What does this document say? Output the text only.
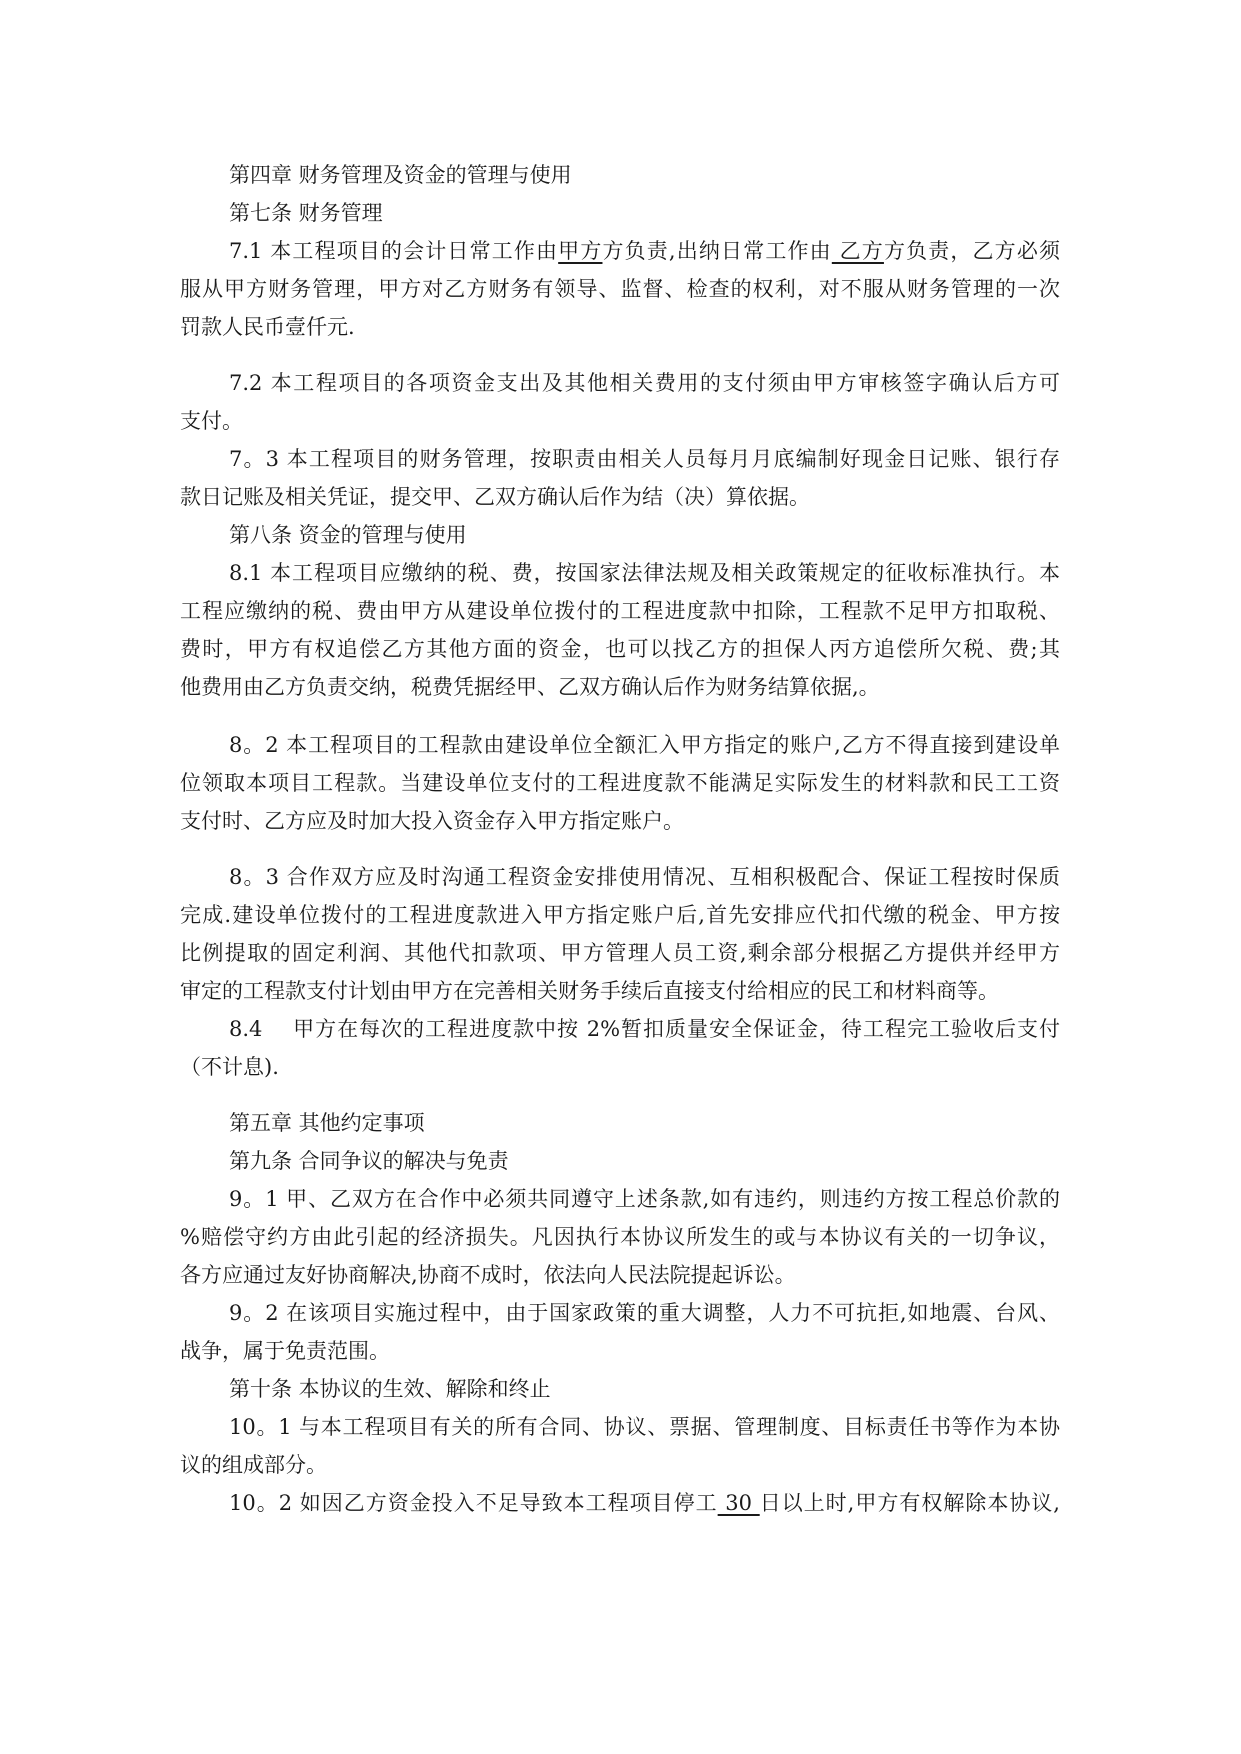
第四章 财务管理及资金的管理与使用
第七条 财务管理
7.1 本工程项目的会计日常工作由甲方方负责,出纳日常工作由 乙方方负责，乙方必须
服从甲方财务管理，甲方对乙方财务有领导、监督、检查的权利，对不服从财务管理的一次
罚款人民币壹仟元.
7.2 本工程项目的各项资金支出及其他相关费用的支付须由甲方审核签字确认后方可
支付。
7。3 本工程项目的财务管理，按职责由相关人员每月月底编制好现金日记账、银行存
款日记账及相关凭证，提交甲、乙双方确认后作为结（决）算依据。
第八条 资金的管理与使用
8.1 本工程项目应缴纳的税、费，按国家法律法规及相关政策规定的征收标准执行。本
工程应缴纳的税、费由甲方从建设单位拨付的工程进度款中扣除，工程款不足甲方扣取税、
费时，甲方有权追偿乙方其他方面的资金，也可以找乙方的担保人丙方追偿所欠税、费;其
他费用由乙方负责交纳，税费凭据经甲、乙双方确认后作为财务结算依据,。
8。2 本工程项目的工程款由建设单位全额汇入甲方指定的账户,乙方不得直接到建设单
位领取本项目工程款。当建设单位支付的工程进度款不能满足实际发生的材料款和民工工资
支付时、乙方应及时加大投入资金存入甲方指定账户。
8。3 合作双方应及时沟通工程资金安排使用情况、互相积极配合、保证工程按时保质
完成.建设单位拨付的工程进度款进入甲方指定账户后,首先安排应代扣代缴的税金、甲方按
比例提取的固定利润、其他代扣款项、甲方管理人员工资,剩余部分根据乙方提供并经甲方
审定的工程款支付计划由甲方在完善相关财务手续后直接支付给相应的民工和材料商等。
8.4　 甲方在每次的工程进度款中按 2%暂扣质量安全保证金，待工程完工验收后支付
（不计息).
第五章 其他约定事项
第九条 合同争议的解决与免责
9。1 甲、乙双方在合作中必须共同遵守上述条款,如有违约，则违约方按工程总价款的
%赔偿守约方由此引起的经济损失。凡因执行本协议所发生的或与本协议有关的一切争议，
各方应通过友好协商解决,协商不成时，依法向人民法院提起诉讼。
9。2 在该项目实施过程中，由于国家政策的重大调整，人力不可抗拒,如地震、台风、
战争，属于免责范围。
第十条 本协议的生效、解除和终止
10。1 与本工程项目有关的所有合同、协议、票据、管理制度、目标责任书等作为本协
议的组成部分。
10。2 如因乙方资金投入不足导致本工程项目停工 30 日以上时,甲方有权解除本协议,
